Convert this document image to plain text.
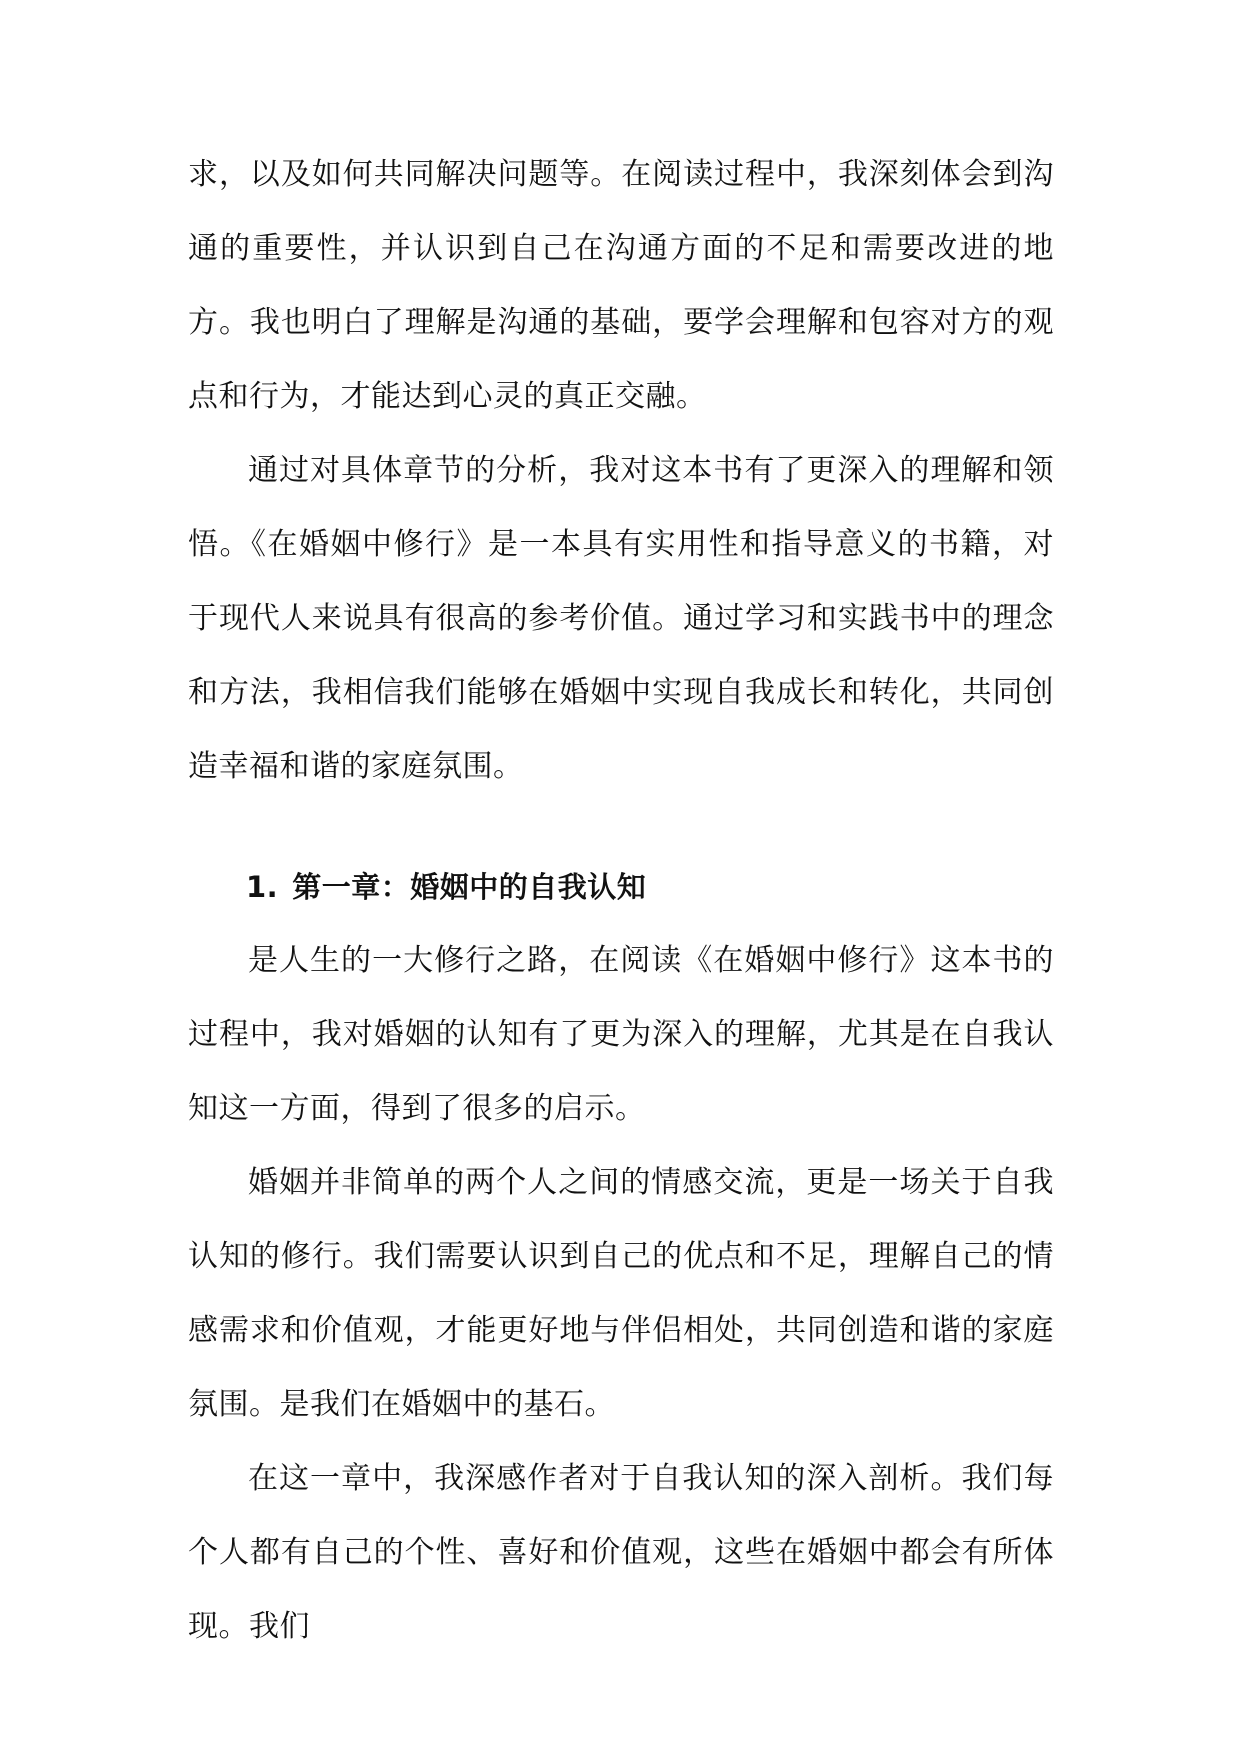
求，以及如何共同解决问题等。在阅读过程中，我深刻体会到沟通的重要性，并认识到自己在沟通方面的不足和需要改进的地方。我也明白了理解是沟通的基础，要学会理解和包容对方的观点和行为，才能达到心灵的真正交融。

通过对具体章节的分析，我对这本书有了更深入的理解和领悟。《在婚姻中修行》是一本具有实用性和指导意义的书籍，对于现代人来说具有很高的参考价值。通过学习和实践书中的理念和方法，我相信我们能够在婚姻中实现自我成长和转化，共同创造幸福和谐的家庭氛围。

1. 第一章：婚姻中的自我认知

是人生的一大修行之路，在阅读《在婚姻中修行》这本书的过程中，我对婚姻的认知有了更为深入的理解，尤其是在自我认知这一方面，得到了很多的启示。

婚姻并非简单的两个人之间的情感交流，更是一场关于自我认知的修行。我们需要认识到自己的优点和不足，理解自己的情感需求和价值观，才能更好地与伴侣相处，共同创造和谐的家庭氛围。是我们在婚姻中的基石。

在这一章中，我深感作者对于自我认知的深入剖析。我们每个人都有自己的个性、喜好和价值观，这些在婚姻中都会有所体现。我们
